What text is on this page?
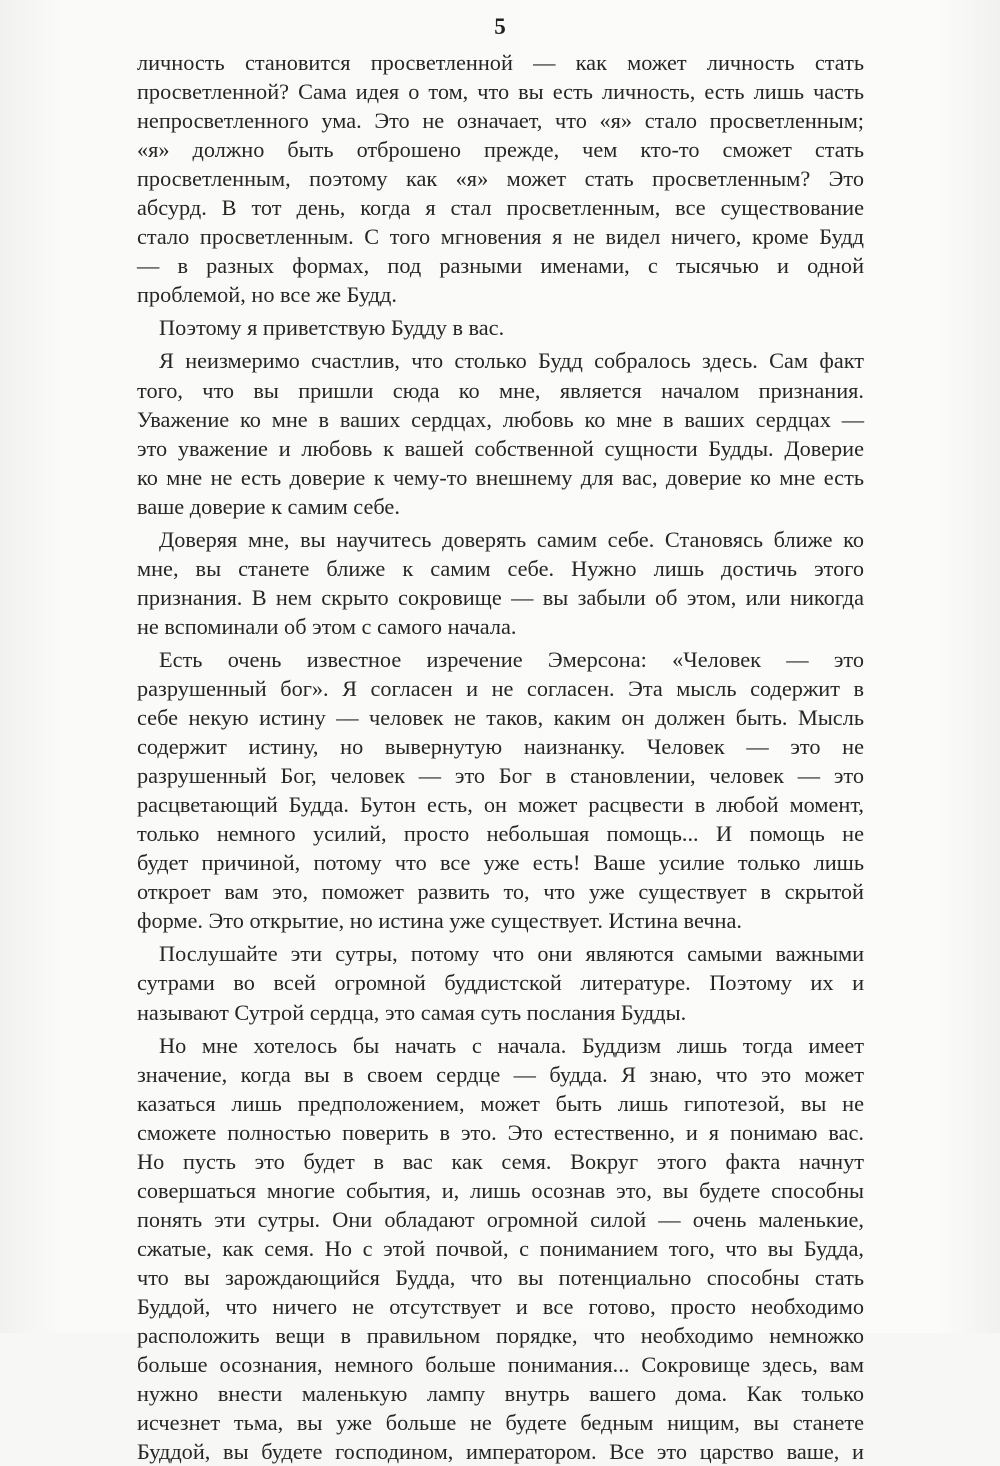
5

личность становится просветленной — как может личность стать

просветленной? Сама идея о том, что вы есть личность, есть лишь часть

непросветленного ума. Это не означает, что «я» стало просветленным;

«я» должно быть отброшено прежде, чем кто-то сможет стать

просветленным, поэтому как «я» может стать просветленным? Это

абсурд. В тот день, когда я стал просветленным, все существование

стало просветленным. С того мгновения я не видел ничего, кроме Будд

— в разных формах, под разными именами, с тысячью и одной

проблемой, но все же Будд.

Поэтому я приветствую Будду в вас.

Я неизмеримо счастлив, что столько Будд собралось здесь. Сам факт

того, что вы пришли сюда ко мне, является началом признания.

Уважение ко мне в ваших сердцах, любовь ко мне в ваших сердцах —

это уважение и любовь к вашей собственной сущности Будды. Доверие

ко мне не есть доверие к чему-то внешнему для вас, доверие ко мне есть

ваше доверие к самим себе.

Доверяя мне, вы научитесь доверять самим себе. Становясь ближе ко

мне, вы станете ближе к самим себе. Нужно лишь достичь этого

признания. В нем скрыто сокровище — вы забыли об этом, или никогда

не вспоминали об этом с самого начала.

Есть очень известное изречение Эмерсона: «Человек — это

разрушенный бог». Я согласен и не согласен. Эта мысль содержит в

себе некую истину — человек не таков, каким он должен быть. Мысль

содержит истину, но вывернутую наизнанку. Человек — это не

разрушенный Бог, человек — это Бог в становлении, человек — это

расцветающий Будда. Бутон есть, он может расцвести в любой момент,

только немного усилий, просто небольшая помощь... И помощь не

будет причиной, потому что все уже есть! Ваше усилие только лишь

откроет вам это, поможет развить то, что уже существует в скрытой

форме. Это открытие, но истина уже существует. Истина вечна.

Послушайте эти сутры, потому что они являются самыми важными

сутрами во всей огромной буддистской литературе. Поэтому их и

называют Сутрой сердца, это самая суть послания Будды.

Но мне хотелось бы начать с начала. Буддизм лишь тогда имеет

значение, когда вы в своем сердце — будда. Я знаю, что это может

казаться лишь предположением, может быть лишь гипотезой, вы не

сможете полностью поверить в это. Это естественно, и я понимаю вас.

Но пусть это будет в вас как семя. Вокруг этого факта начнут

совершаться многие события, и, лишь осознав это, вы будете способны

понять эти сутры. Они обладают огромной силой — очень маленькие,

сжатые, как семя. Но с этой почвой, с пониманием того, что вы Будда,

что вы зарождающийся Будда, что вы потенциально способны стать

Буддой, что ничего не отсутствует и все готово, просто необходимо

расположить вещи в правильном порядке, что необходимо немножко

больше осознания, немного больше понимания... Сокровище здесь, вам

нужно внести маленькую лампу внутрь вашего дома. Как только

исчезнет тьма, вы уже больше не будете бедным нищим, вы станете

Буддой, вы будете господином, императором. Все это царство ваше, и
